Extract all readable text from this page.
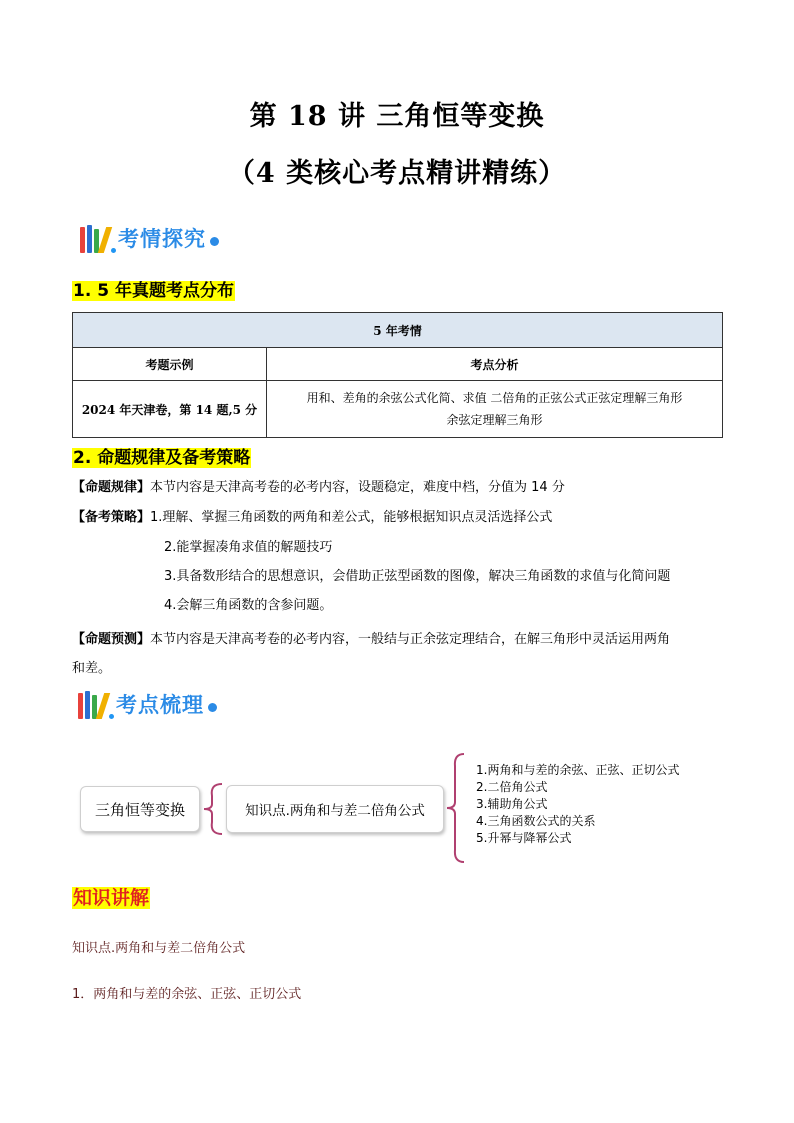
第 18 讲 三角恒等变换
（4 类核心考点精讲精练）
考情探究
1. 5 年真题考点分布
5 年考情	
考题示例	考点分析
2024 年天津卷，第 14 题,5 分	用和、差角的余弦公式化简、求值 二倍角的正弦公式正弦定理解三角形
余弦定理解三角形
2. 命题规律及备考策略
【命题规律】本节内容是天津高考卷的必考内容，设题稳定，难度中档，分值为 14 分
【备考策略】1.理解、掌握三角函数的两角和差公式，能够根据知识点灵活选择公式
2.能掌握凑角求值的解题技巧
3.具备数形结合的思想意识，会借助正弦型函数的图像，解决三角函数的求值与化简问题
4.会解三角函数的含参问题。
【命题预测】本节内容是天津高考卷的必考内容，一般结与正余弦定理结合，在解三角形中灵活运用两角
和差。
考点梳理
三角恒等变换	知识点.两角和与差二倍角公式
1.两角和与差的余弦、正弦、正切公式
2.二倍角公式
3.辅助角公式
4.三角函数公式的关系
5.升幂与降幂公式
知识讲解
知识点.两角和与差二倍角公式
1．两角和与差的余弦、正弦、正切公式
